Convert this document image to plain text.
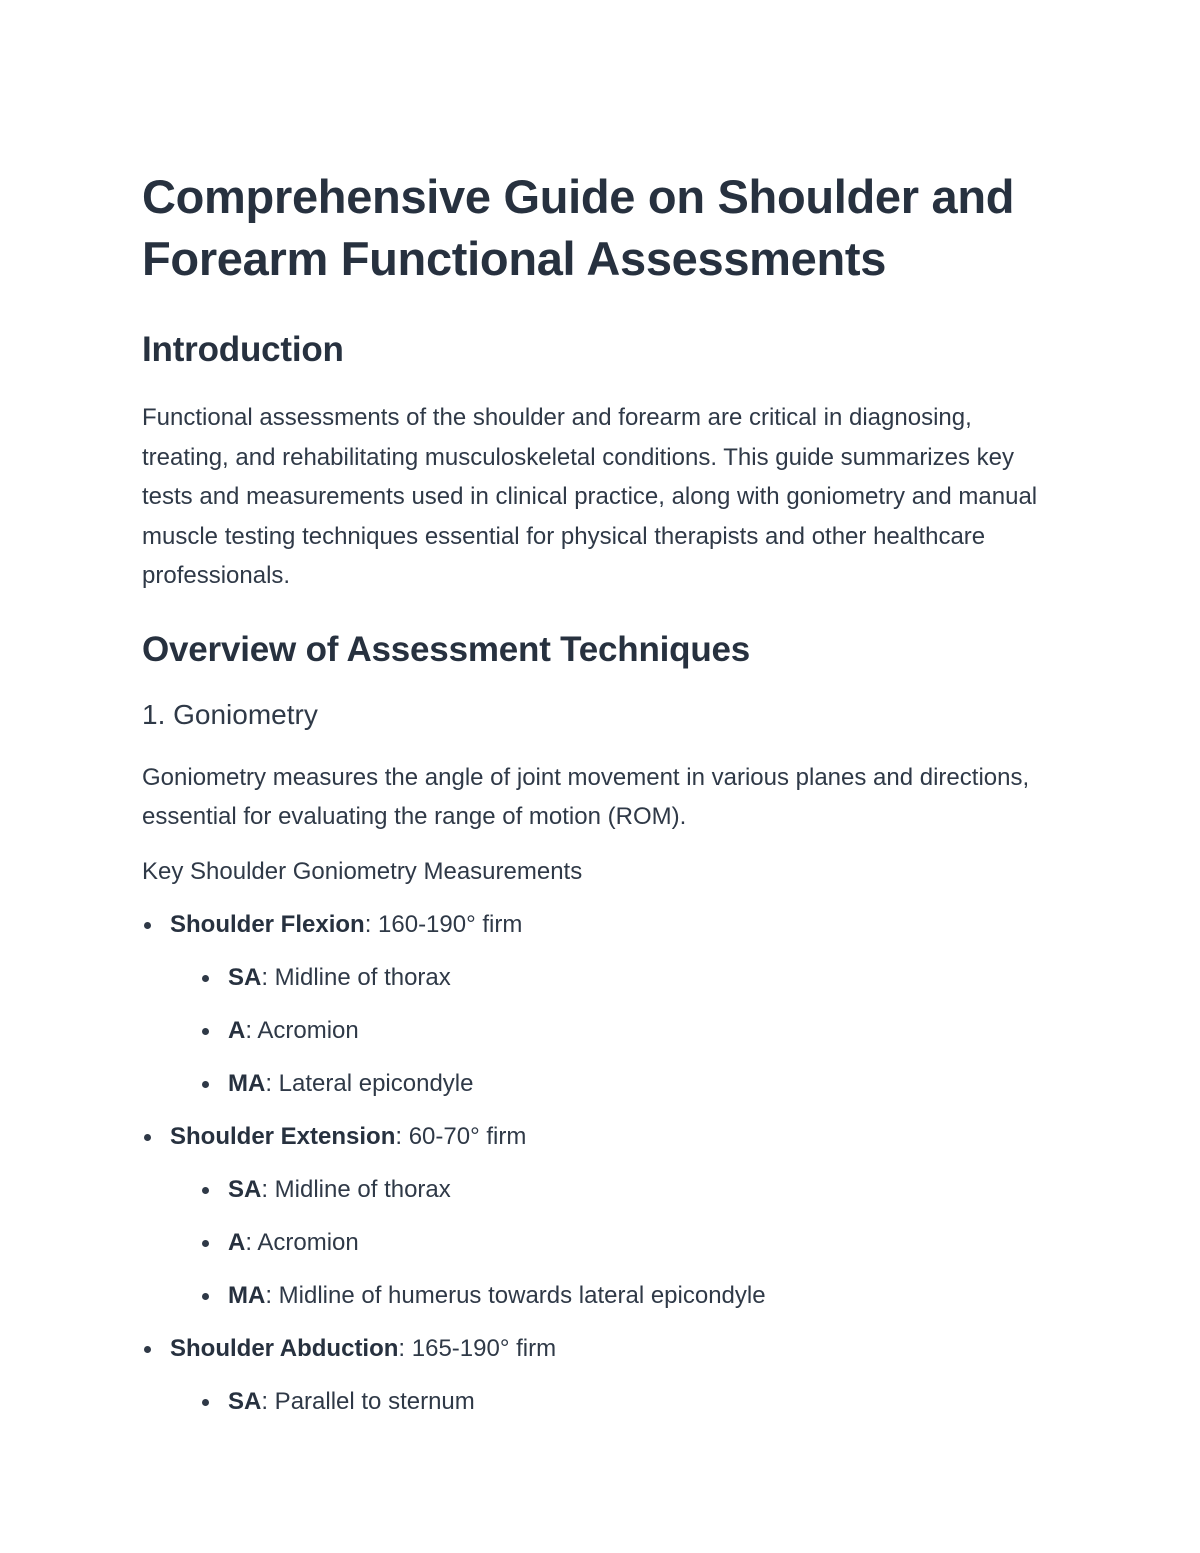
Comprehensive Guide on Shoulder and Forearm Functional Assessments
Introduction

Functional assessments of the shoulder and forearm are critical in diagnosing, treating, and rehabilitating musculoskeletal conditions. This guide summarizes key tests and measurements used in clinical practice, along with goniometry and manual muscle testing techniques essential for physical therapists and other healthcare professionals.

Overview of Assessment Techniques
1. Goniometry

Goniometry measures the angle of joint movement in various planes and directions, essential for evaluating the range of motion (ROM).

Key Shoulder Goniometry Measurements

Shoulder Flexion: 160-190° firm
SA: Midline of thorax
A: Acromion
MA: Lateral epicondyle
Shoulder Extension: 60-70° firm
SA: Midline of thorax
A: Acromion
MA: Midline of humerus towards lateral epicondyle
Shoulder Abduction: 165-190° firm
SA: Parallel to sternum
